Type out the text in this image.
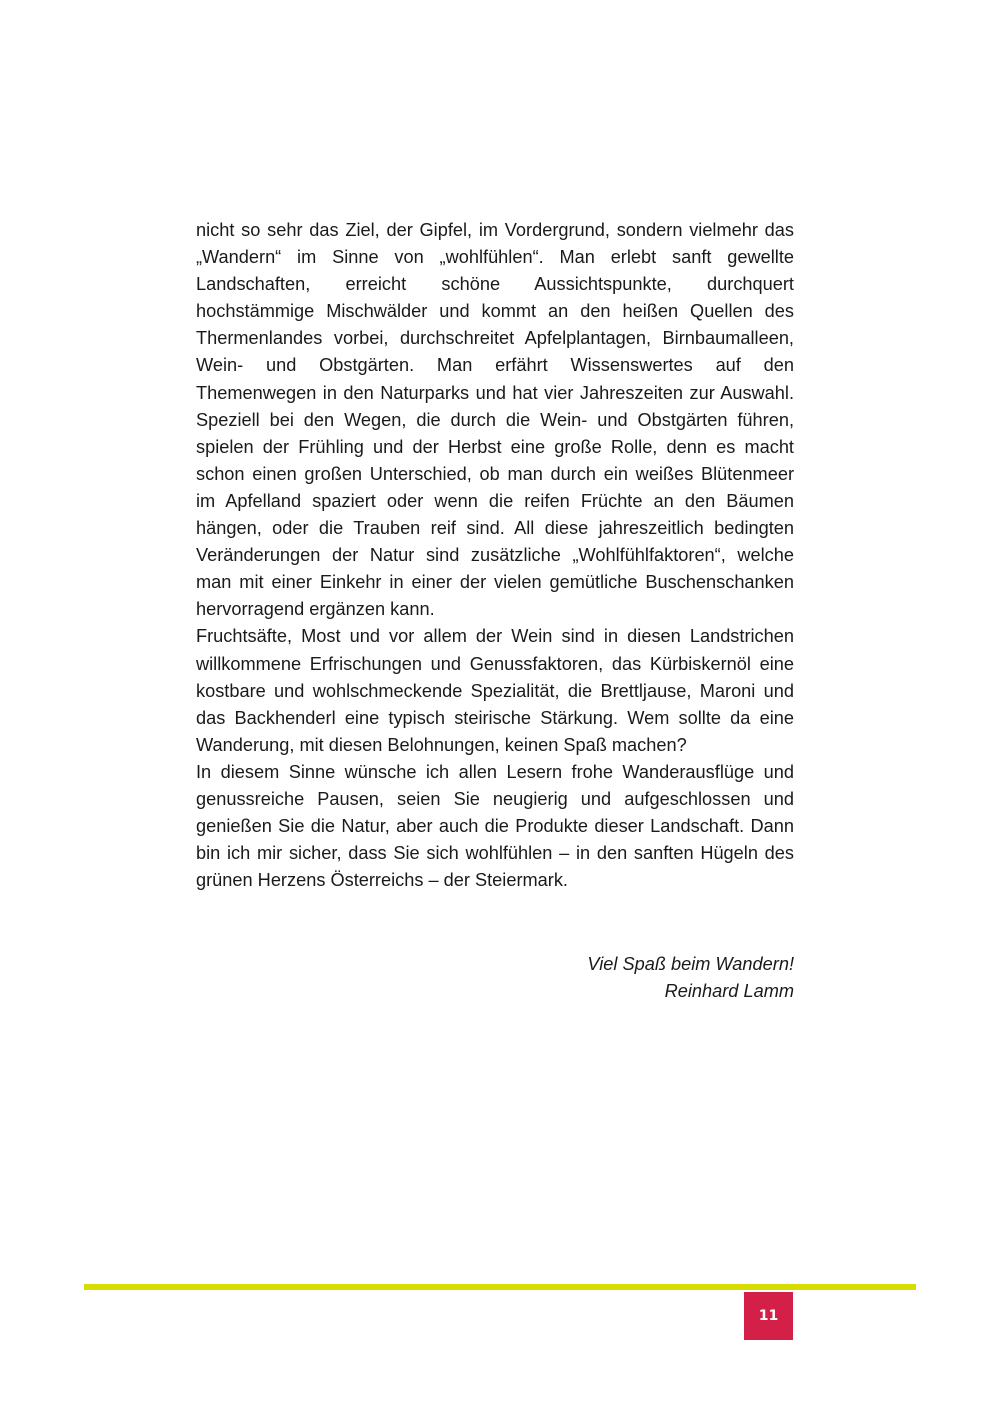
nicht so sehr das Ziel, der Gipfel, im Vordergrund, sondern vielmehr das „Wandern“ im Sinne von „wohlfühlen“. Man erlebt sanft gewellte Landschaften, erreicht schöne Aussichtspunkte, durchquert hochstämmige Mischwälder und kommt an den heißen Quellen des Thermenlandes vorbei, durchschreitet Apfelplantagen, Birnbaumalleen, Wein- und Obstgärten. Man erfährt Wissenswertes auf den Themenwegen in den Naturparks und hat vier Jahreszeiten zur Auswahl. Speziell bei den Wegen, die durch die Wein- und Obstgärten führen, spielen der Frühling und der Herbst eine große Rolle, denn es macht schon einen großen Unterschied, ob man durch ein weißes Blütenmeer im Apfelland spaziert oder wenn die reifen Früchte an den Bäumen hängen, oder die Trauben reif sind. All diese jahreszeitlich bedingten Veränderungen der Natur sind zusätzliche „Wohlfühlfaktoren“, welche man mit einer Einkehr in einer der vielen gemütliche Buschenschanken hervorragend ergänzen kann.

Fruchtsäfte, Most und vor allem der Wein sind in diesen Landstrichen willkommene Erfrischungen und Genussfaktoren, das Kürbiskernöl eine kostbare und wohlschmeckende Spezialität, die Brettljause, Maroni und das Backhenderl eine typisch steirische Stärkung. Wem sollte da eine Wanderung, mit diesen Belohnungen, keinen Spaß machen?

In diesem Sinne wünsche ich allen Lesern frohe Wanderausflüge und genussreiche Pausen, seien Sie neugierig und aufgeschlossen und genießen Sie die Natur, aber auch die Produkte dieser Landschaft. Dann bin ich mir sicher, dass Sie sich wohlfühlen – in den sanften Hügeln des grünen Herzens Österreichs – der Steiermark.

Viel Spaß beim Wandern!
Reinhard Lamm
11
